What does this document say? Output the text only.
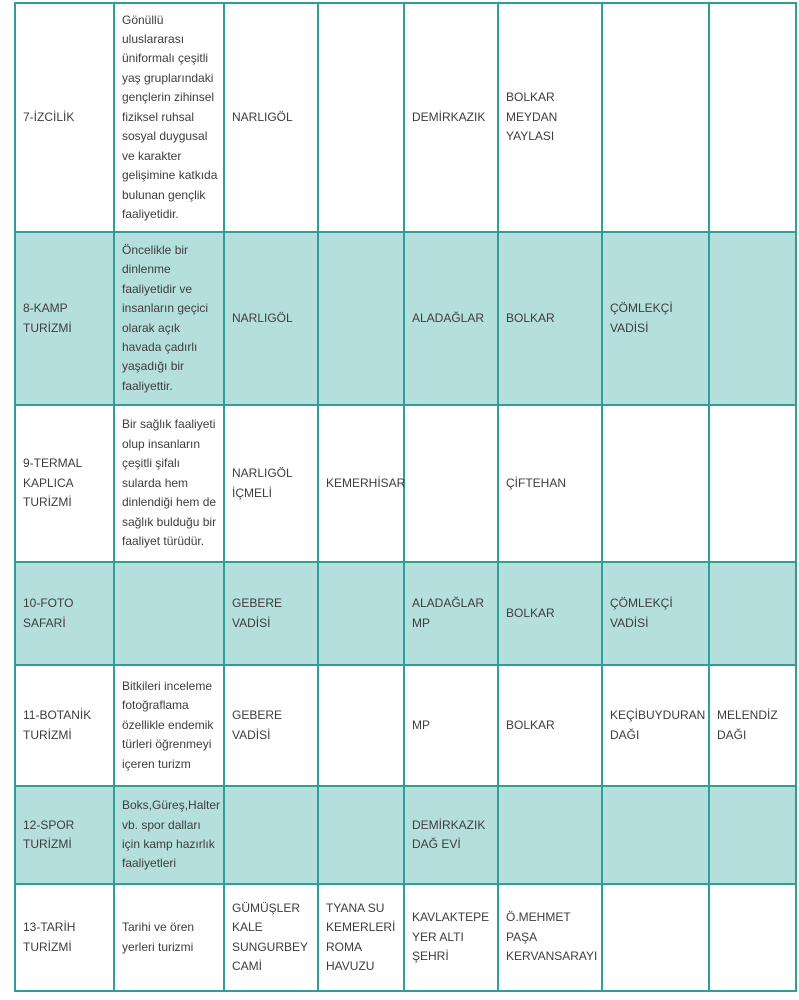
7-İZCİLİK	Gönüllü uluslararası üniformalı çeşitli yaş gruplarındaki gençlerin zihinsel fiziksel ruhsal sosyal duygusal ve karakter gelişimine katkıda bulunan gençlik faaliyetidir.	NARLIGÖL		DEMİRKAZIK	BOLKAR MEYDAN YAYLASI		
8-KAMP TURİZMİ	Öncelikle bir dinlenme faaliyetidir ve insanların geçici olarak açık havada çadırlı yaşadığı bir faaliyettir.	NARLIGÖL		ALADAĞLAR	BOLKAR	ÇÖMLEKÇİ VADİSİ	
9-TERMAL KAPLICA TURİZMİ	Bir sağlık faaliyeti olup insanların çeşitli şifalı sularda hem dinlendiği hem de sağlık bulduğu bir faaliyet türüdür.	NARLIGÖL İÇMELİ	KEMERHİSAR		ÇİFTEHAN		
10-FOTO SAFARİ		GEBERE VADİSİ		ALADAĞLAR MP	BOLKAR	ÇÖMLEKÇİ VADİSİ	
11-BOTANİK TURİZMİ	Bitkileri inceleme fotoğraflama özellikle endemik türleri öğrenmeyi içeren turizm	GEBERE VADİSİ		MP	BOLKAR	KEÇİBUYDURAN DAĞI	MELENDİZ DAĞI
12-SPOR TURİZMİ	Boks,Güreş,Halter vb. spor dalları için kamp hazırlık faaliyetleri			DEMİRKAZIK DAĞ EVİ			
13-TARİH TURİZMİ	Tarihi ve ören yerleri turizmi	GÜMÜŞLER KALE SUNGURBEY CAMİ	TYANA SU KEMERLERİ ROMA HAVUZU	KAVLAKTEPE YER ALTI ŞEHRİ	Ö.MEHMET PAŞA KERVANSARAYI		
